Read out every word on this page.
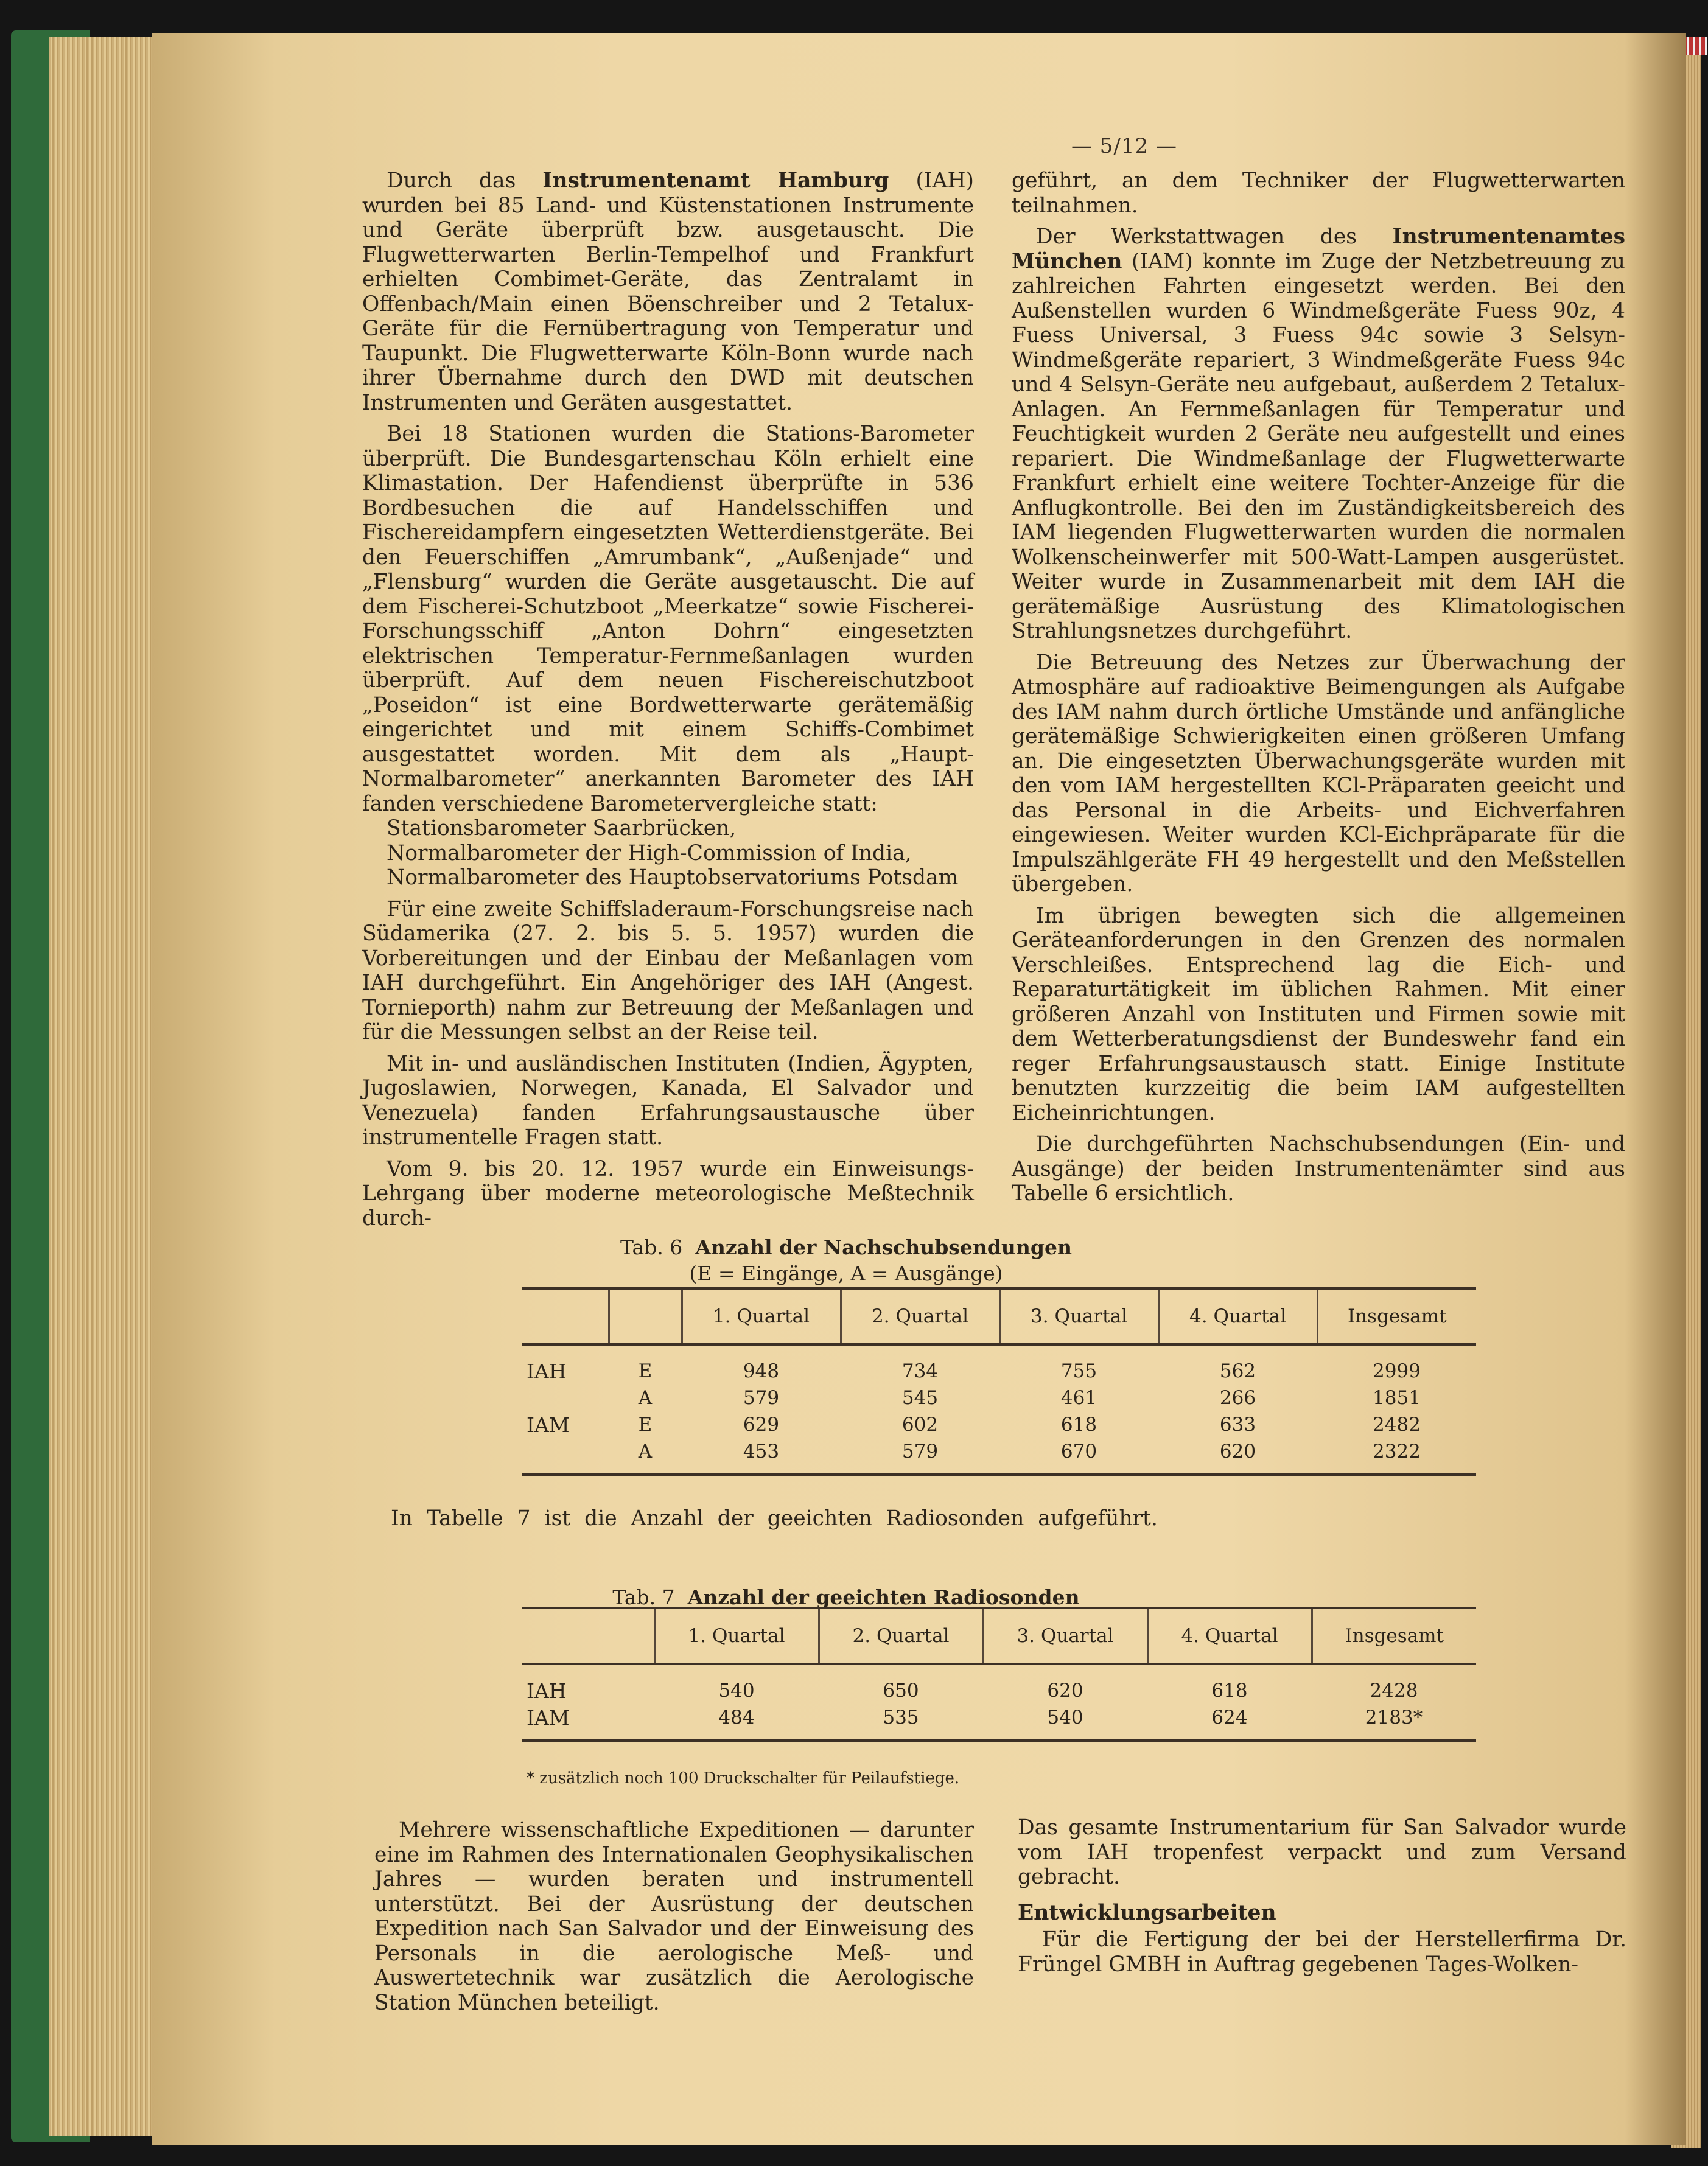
— 5/12 —

Durch das Instrumentenamt Hamburg (IAH) wurden bei 85 Land- und Küstenstationen Instrumente und Geräte überprüft bzw. ausgetauscht. Die Flugwetterwarten Berlin-Tempelhof und Frankfurt erhielten Combimet-Geräte, das Zentralamt in Offenbach/Main einen Böenschreiber und 2 Tetalux-Geräte für die Fernübertragung von Temperatur und Taupunkt. Die Flugwetterwarte Köln-Bonn wurde nach ihrer Übernahme durch den DWD mit deutschen Instrumenten und Geräten ausgestattet.

Bei 18 Stationen wurden die Stations-Barometer überprüft. Die Bundesgartenschau Köln erhielt eine Klimastation. Der Hafendienst überprüfte in 536 Bordbesuchen die auf Handelsschiffen und Fischereidampfern eingesetzten Wetterdienstgeräte. Bei den Feuerschiffen „Amrumbank“, „Außenjade“ und „Flensburg“ wurden die Geräte ausgetauscht. Die auf dem Fischerei-Schutzboot „Meerkatze“ sowie Fischerei-Forschungsschiff „Anton Dohrn“ eingesetzten elektrischen Temperatur-Fernmeßanlagen wurden überprüft. Auf dem neuen Fischereischutzboot „Poseidon“ ist eine Bordwetterwarte gerätemäßig eingerichtet und mit einem Schiffs-Combimet ausgestattet worden. Mit dem als „Haupt-Normalbarometer“ anerkannten Barometer des IAH fanden verschiedene Barometervergleiche statt:

Stationsbarometer Saarbrücken,
Normalbarometer der High-Commission of India,
Normalbarometer des Hauptobservatoriums Potsdam

Für eine zweite Schiffsladeraum-Forschungsreise nach Südamerika (27. 2. bis 5. 5. 1957) wurden die Vorbereitungen und der Einbau der Meßanlagen vom IAH durchgeführt. Ein Angehöriger des IAH (Angest. Tornieporth) nahm zur Betreuung der Meßanlagen und für die Messungen selbst an der Reise teil.

Mit in- und ausländischen Instituten (Indien, Ägypten, Jugoslawien, Norwegen, Kanada, El Salvador und Venezuela) fanden Erfahrungsaustausche über instrumentelle Fragen statt.

Vom 9. bis 20. 12. 1957 wurde ein Einweisungs-Lehrgang über moderne meteorologische Meßtechnik durch-

geführt, an dem Techniker der Flugwetterwarten teilnahmen.

Der Werkstattwagen des Instrumentenamtes München (IAM) konnte im Zuge der Netzbetreuung zu zahlreichen Fahrten eingesetzt werden. Bei den Außenstellen wurden 6 Windmeßgeräte Fuess 90z, 4 Fuess Universal, 3 Fuess 94c sowie 3 Selsyn-Windmeßgeräte repariert, 3 Windmeßgeräte Fuess 94c und 4 Selsyn-Geräte neu aufgebaut, außerdem 2 Tetalux-Anlagen. An Fernmeßanlagen für Temperatur und Feuchtigkeit wurden 2 Geräte neu aufgestellt und eines repariert. Die Windmeßanlage der Flugwetterwarte Frankfurt erhielt eine weitere Tochter-Anzeige für die Anflugkontrolle. Bei den im Zuständigkeitsbereich des IAM liegenden Flugwetterwarten wurden die normalen Wolkenscheinwerfer mit 500-Watt-Lampen ausgerüstet. Weiter wurde in Zusammenarbeit mit dem IAH die gerätemäßige Ausrüstung des Klimatologischen Strahlungsnetzes durchgeführt.

Die Betreuung des Netzes zur Überwachung der Atmosphäre auf radioaktive Beimengungen als Aufgabe des IAM nahm durch örtliche Umstände und anfängliche gerätemäßige Schwierigkeiten einen größeren Umfang an. Die eingesetzten Überwachungsgeräte wurden mit den vom IAM hergestellten KCl-Präparaten geeicht und das Personal in die Arbeits- und Eichverfahren eingewiesen. Weiter wurden KCl-Eichpräparate für die Impulszählgeräte FH 49 hergestellt und den Meßstellen übergeben.

Im übrigen bewegten sich die allgemeinen Geräteanforderungen in den Grenzen des normalen Verschleißes. Entsprechend lag die Eich- und Reparaturtätigkeit im üblichen Rahmen. Mit einer größeren Anzahl von Instituten und Firmen sowie mit dem Wetterberatungsdienst der Bundeswehr fand ein reger Erfahrungsaustausch statt. Einige Institute benutzten kurzzeitig die beim IAM aufgestellten Eicheinrichtungen.

Die durchgeführten Nachschubsendungen (Ein- und Ausgänge) der beiden Instrumentenämter sind aus Tabelle 6 ersichtlich.

Tab. 6 Anzahl der Nachschubsendungen
(E = Eingänge, A = Ausgänge)
		1. Quartal	2. Quartal	3. Quartal	4. Quartal	Insgesamt
IAH	E	948	734	755	562	2999
	A	579	545	461	266	1851
IAM	E	629	602	618	633	2482
	A	453	579	670	620	2322

In Tabelle 7 ist die Anzahl der geeichten Radiosonden aufgeführt.

Tab. 7 Anzahl der geeichten Radiosonden
	1. Quartal	2. Quartal	3. Quartal	4. Quartal	Insgesamt
IAH	540	650	620	618	2428
IAM	484	535	540	624	2183*
* zusätzlich noch 100 Druckschalter für Peilaufstiege.

Mehrere wissenschaftliche Expeditionen — darunter eine im Rahmen des Internationalen Geophysikalischen Jahres — wurden beraten und instrumentell unterstützt. Bei der Ausrüstung der deutschen Expedition nach San Salvador und der Einweisung des Personals in die aerologische Meß- und Auswertetechnik war zusätzlich die Aerologische Station München beteiligt.

Das gesamte Instrumentarium für San Salvador wurde vom IAH tropenfest verpackt und zum Versand gebracht.

Entwicklungsarbeiten

Für die Fertigung der bei der Herstellerfirma Dr. Früngel GMBH in Auftrag gegebenen Tages-Wolken-
